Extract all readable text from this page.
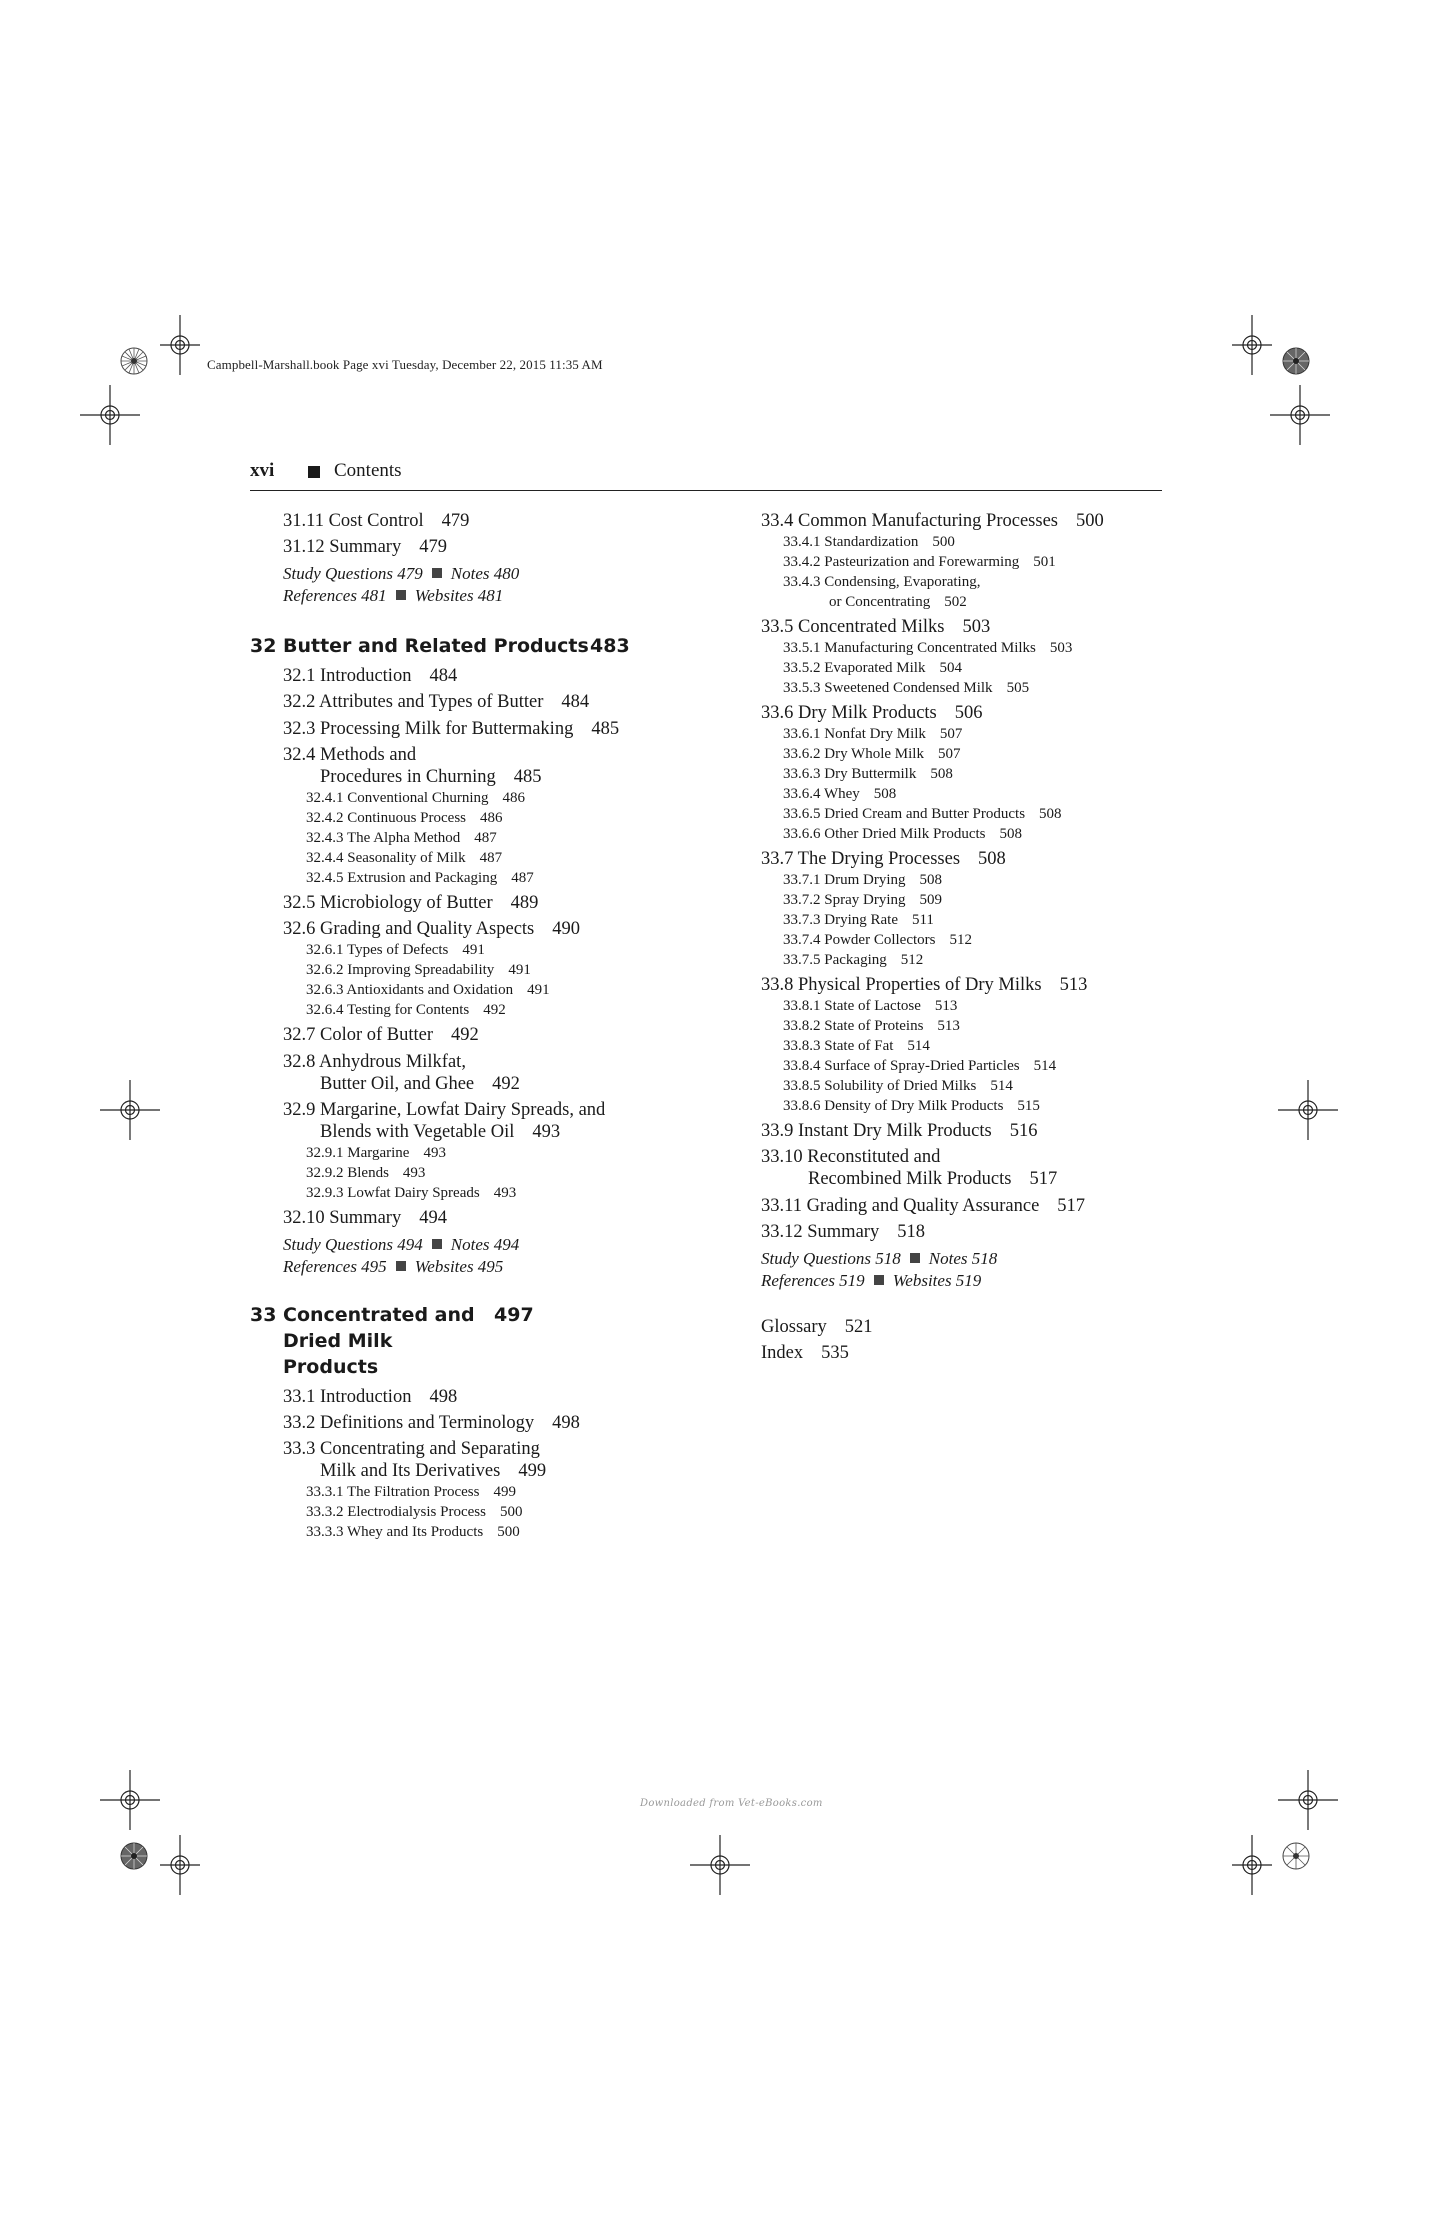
Campbell-Marshall.book Page xvi Tuesday, December 22, 2015 11:35 AM
xvi	Contents
31.11 Cost Control 479
31.12 Summary 479
Study Questions 479 Notes 480
References 481 Websites 481
32 Butter and Related Products 483
32.1 Introduction 484
32.2 Attributes and Types of Butter 484
32.3 Processing Milk for Buttermaking 485
32.4 Methods and
Procedures in Churning 485
32.4.1 Conventional Churning 486
32.4.2 Continuous Process 486
32.4.3 The Alpha Method 487
32.4.4 Seasonality of Milk 487
32.4.5 Extrusion and Packaging 487
32.5 Microbiology of Butter 489
32.6 Grading and Quality Aspects 490
32.6.1 Types of Defects 491
32.6.2 Improving Spreadability 491
32.6.3 Antioxidants and Oxidation 491
32.6.4 Testing for Contents 492
32.7 Color of Butter 492
32.8 Anhydrous Milkfat,
Butter Oil, and Ghee 492
32.9 Margarine, Lowfat Dairy Spreads, and
Blends with Vegetable Oil 493
32.9.1 Margarine 493
32.9.2 Blends 493
32.9.3 Lowfat Dairy Spreads 493
32.10 Summary 494
Study Questions 494 Notes 494
References 495 Websites 495
33 Concentrated and
Dried Milk Products
497
33.1 Introduction 498
33.2 Definitions and Terminology 498
33.3 Concentrating and Separating
Milk and Its Derivatives 499
33.3.1 The Filtration Process 499
33.3.2 Electrodialysis Process 500
33.3.3 Whey and Its Products 500
33.4 Common Manufacturing Processes 500
33.4.1 Standardization 500
33.4.2 Pasteurization and Forewarming 501
33.4.3 Condensing, Evaporating,
or Concentrating 502
33.5 Concentrated Milks 503
33.5.1 Manufacturing Concentrated Milks 503
33.5.2 Evaporated Milk 504
33.5.3 Sweetened Condensed Milk 505
33.6 Dry Milk Products 506
33.6.1 Nonfat Dry Milk 507
33.6.2 Dry Whole Milk 507
33.6.3 Dry Buttermilk 508
33.6.4 Whey 508
33.6.5 Dried Cream and Butter Products 508
33.6.6 Other Dried Milk Products 508
33.7 The Drying Processes 508
33.7.1 Drum Drying 508
33.7.2 Spray Drying 509
33.7.3 Drying Rate 511
33.7.4 Powder Collectors 512
33.7.5 Packaging 512
33.8 Physical Properties of Dry Milks 513
33.8.1 State of Lactose 513
33.8.2 State of Proteins 513
33.8.3 State of Fat 514
33.8.4 Surface of Spray-Dried Particles 514
33.8.5 Solubility of Dried Milks 514
33.8.6 Density of Dry Milk Products 515
33.9 Instant Dry Milk Products 516
33.10 Reconstituted and
Recombined Milk Products 517
33.11 Grading and Quality Assurance 517
33.12 Summary 518
Study Questions 518 Notes 518
References 519 Websites 519
Glossary 521
Index 535
Downloaded from Vet-eBooks.com
